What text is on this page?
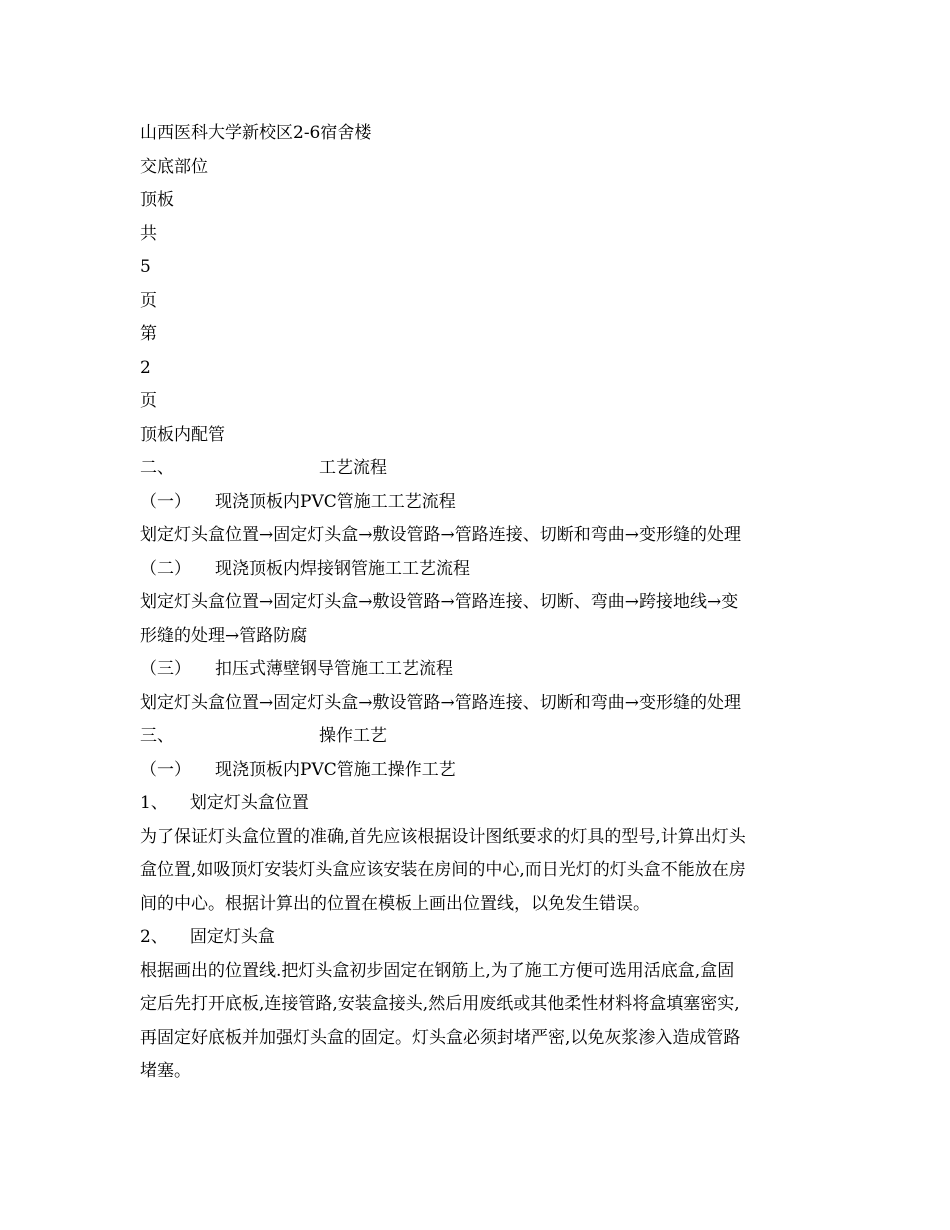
山西医科大学新校区2-6宿舍楼
交底部位
顶板
共
5
页
第
2
页
顶板内配管
二、	工艺流程
（一） 现浇顶板内PVC管施工工艺流程
划定灯头盒位置→固定灯头盒→敷设管路→管路连接、切断和弯曲→变形缝的处理
（二） 现浇顶板内焊接钢管施工工艺流程
划定灯头盒位置→固定灯头盒→敷设管路→管路连接、切断、弯曲→跨接地线→变
形缝的处理→管路防腐
（三） 扣压式薄壁钢导管施工工艺流程
划定灯头盒位置→固定灯头盒→敷设管路→管路连接、切断和弯曲→变形缝的处理
三、	操作工艺
（一） 现浇顶板内PVC管施工操作工艺
1、 划定灯头盒位置
为了保证灯头盒位置的准确,首先应该根据设计图纸要求的灯具的型号,计算出灯头
盒位置,如吸顶灯安装灯头盒应该安装在房间的中心,而日光灯的灯头盒不能放在房
间的中心。根据计算出的位置在模板上画出位置线，以免发生错误。
2、 固定灯头盒
根据画出的位置线.把灯头盒初步固定在钢筋上,为了施工方便可选用活底盒,盒固
定后先打开底板,连接管路,安装盒接头,然后用废纸或其他柔性材料将盒填塞密实,
再固定好底板并加强灯头盒的固定。灯头盒必须封堵严密,以免灰浆渗入造成管路
堵塞。
